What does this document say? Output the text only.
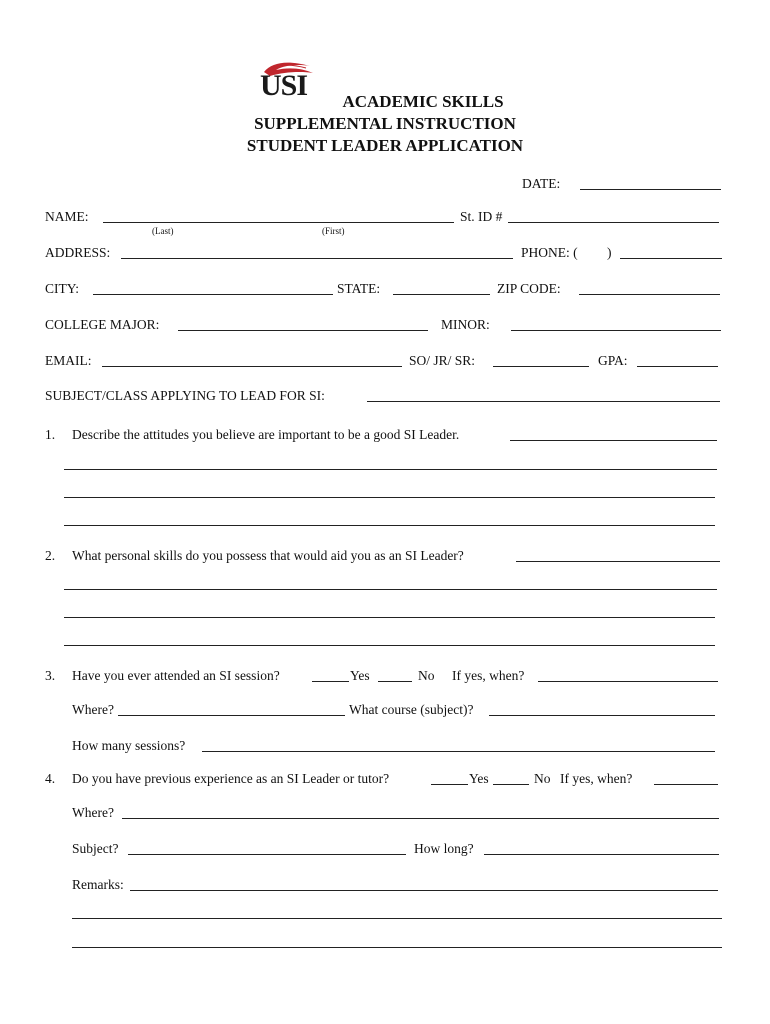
USI	ACADEMIC SKILLS
SUPPLEMENTAL INSTRUCTION
STUDENT LEADER APPLICATION
DATE:
NAME:
(Last)	(First)
St. ID #
ADDRESS:	PHONE: ( )
CITY:	STATE:	ZIP CODE:
COLLEGE MAJOR:	MINOR:
EMAIL:	SO/ JR/ SR:	GPA:
SUBJECT/CLASS APPLYING TO LEAD FOR SI:
1. Describe the attitudes you believe are important to be a good SI Leader.
2. What personal skills do you possess that would aid you as an SI Leader?
3. Have you ever attended an SI session?	Yes	No If yes, when?
Where?	What course (subject)?
How many sessions?
4. Do you have previous experience as an SI Leader or tutor?	Yes	No If yes, when?
Where?
Subject?	How long?
Remarks:
